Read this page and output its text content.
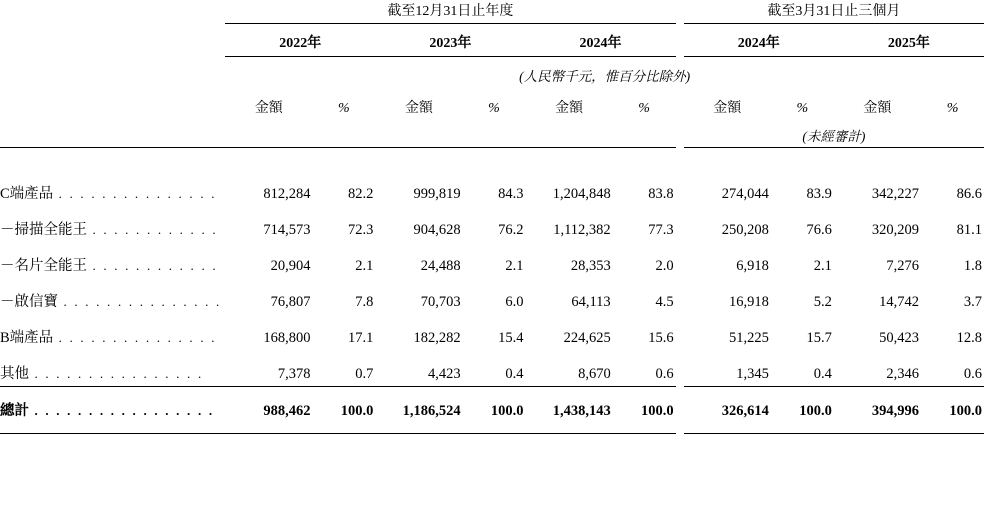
	截至12月31日止年度							截至3月31日止三個月			
	2022年		2023年		2024年			2024年		2025年	
	(人民幣千元，惟百分比除外)										
	金額	%	金額	%	金額	%		金額	%	金額	%
								(未經審計)			

C端產品 . . . . . . . . . . . . . . .	812,284	82.2	999,819	84.3	1,204,848	83.8		274,044	83.9	342,227	86.6
－掃描全能王 . . . . . . . . . . . .	714,573	72.3	904,628	76.2	1,112,382	77.3		250,208	76.6	320,209	81.1
－名片全能王 . . . . . . . . . . . .	20,904	2.1	24,488	2.1	28,353	2.0		6,918	2.1	7,276	1.8
－啟信寶 . . . . . . . . . . . . . . .	76,807	7.8	70,703	6.0	64,113	4.5		16,918	5.2	14,742	3.7
B端產品 . . . . . . . . . . . . . . .	168,800	17.1	182,282	15.4	224,625	15.6		51,225	15.7	50,423	12.8
其他 . . . . . . . . . . . . . . . .	7,378	0.7	4,423	0.4	8,670	0.6		1,345	0.4	2,346	0.6
總計 . . . . . . . . . . . . . . . . .	988,462	100.0	1,186,524	100.0	1,438,143	100.0		326,614	100.0	394,996	100.0
